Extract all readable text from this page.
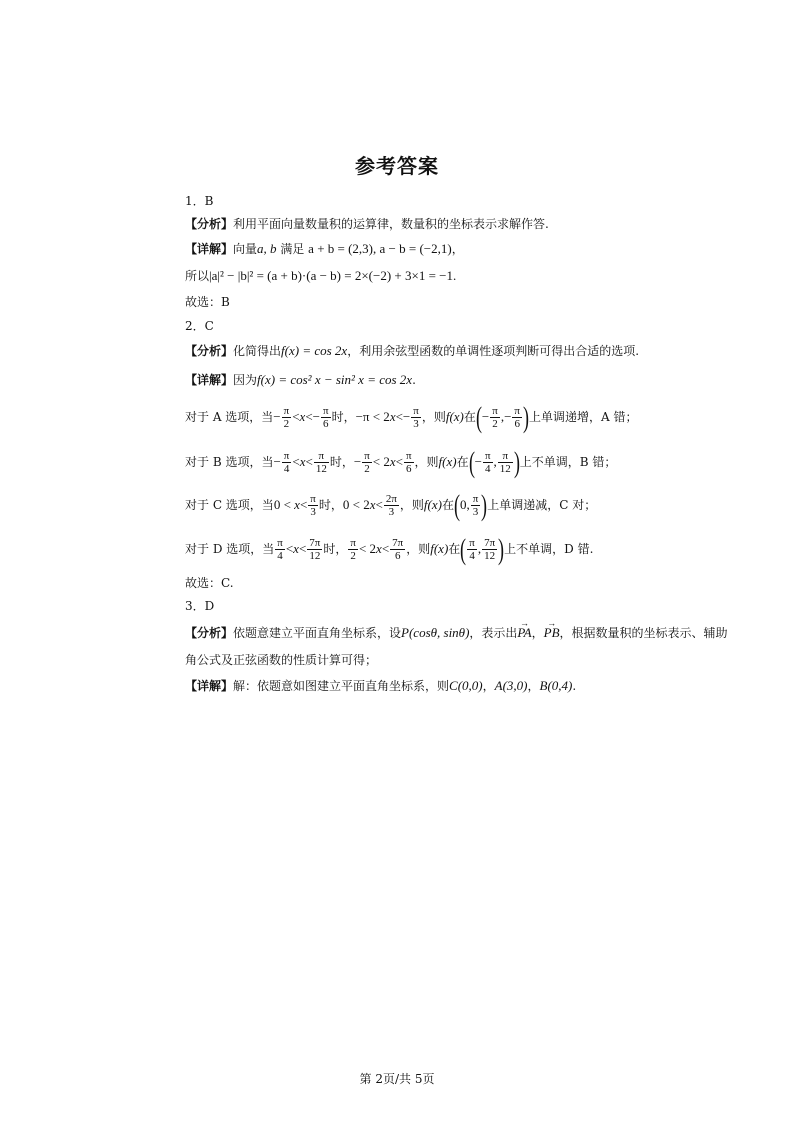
参考答案
1．B
【分析】利用平面向量数量积的运算律，数量积的坐标表示求解作答.
【详解】向量a, b 满足 a + b = (2,3), a − b = (−2,1)，
所以|a|² − |b|² = (a + b)·(a − b) = 2×(−2) + 3×1 = −1.
故选：B
2．C
【分析】化简得出f(x) = cos 2x，利用余弦型函数的单调性逐项判断可得出合适的选项.
【详解】因为f(x) = cos² x − sin² x = cos 2x.
对于 A 选项，当− $\frac{\pi}{2} <x<- \frac{\pi}{6}$ 时，$-\pi < 2x<- \frac{\pi}{3}$ ，则f(x)在(− $\frac{\pi}{2}$ ,− $\frac{\pi}{6}$ )上单调递增，A 错；
对于 B 选项，当− $\frac{\pi}{4} <x< \frac{\pi}{12}$ 时，− $\frac{\pi}{2} < 2x< \frac{\pi}{6}$ ，则f(x)在(− $\frac{\pi}{4}$ , $\frac{\pi}{12}$ )上不单调，B 错；
对于 C 选项，当$0 < x< \frac{\pi}{3}$ 时，$0 < 2x< \frac{2\pi}{3}$ ，则f(x)在(0, $\frac{\pi}{3}$ )上单调递减，C 对；
对于 D 选项，当 $\frac{\pi}{4} <x< \frac{7\pi}{12}$ 时， $\frac{\pi}{2} < 2x< \frac{7\pi}{6}$ ，则f(x)在( $\frac{\pi}{4}$ , $\frac{7\pi}{12}$ )上不单调，D 错.
故选：C.
3．D
【分析】依题意建立平面直角坐标系，设P(cosθ, sinθ)，表示出→ PA，→ PB，根据数量积的坐标表示、辅助
角公式及正弦函数的性质计算可得；
【详解】解：依题意如图建立平面直角坐标系，则C(0,0)，A(3,0)，B(0,4).
第 2页/共 5页
